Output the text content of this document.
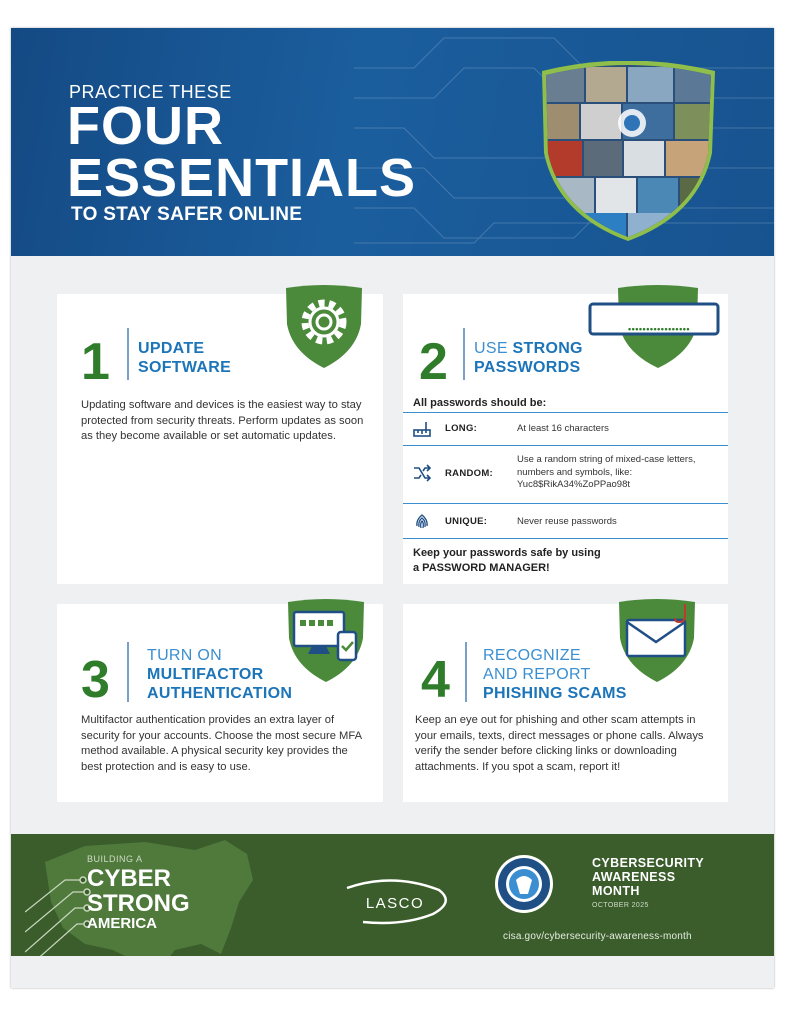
PRACTICE THESE
FOUR
ESSENTIALS
TO STAY SAFER ONLINE
1 UPDATE
SOFTWARE
Updating software and devices is the easiest way to stay protected from security threats. Perform updates as soon as they become available or set automatic updates.
•••••••••••••••••
2 USE STRONG
PASSWORDS
All passwords should be:
LONG:	At least 16 characters
RANDOM:
Use a random string of mixed-case letters, numbers and symbols, like: Yuc8$RikA34%ZoPPao98t
UNIQUE:	Never reuse passwords
Keep your passwords safe by using
a PASSWORD MANAGER!
3 TURN ON
MULTIFACTOR
AUTHENTICATION
Multifactor authentication provides an extra layer of security for your accounts. Choose the most secure MFA method available. A physical security key provides the best protection and is easy to use.
4 RECOGNIZE
AND REPORT
PHISHING SCAMS
Keep an eye out for phishing and other scam attempts in your emails, texts, direct messages or phone calls. Always verify the sender before clicking links or downloading attachments. If you spot a scam, report it!
BUILDING A
CYBER
STRONG
AMERICA
LASCO
CYBERSECURITY
AWARENESS
MONTH
OCTOBER 2025
cisa.gov/cybersecurity-awareness-month
